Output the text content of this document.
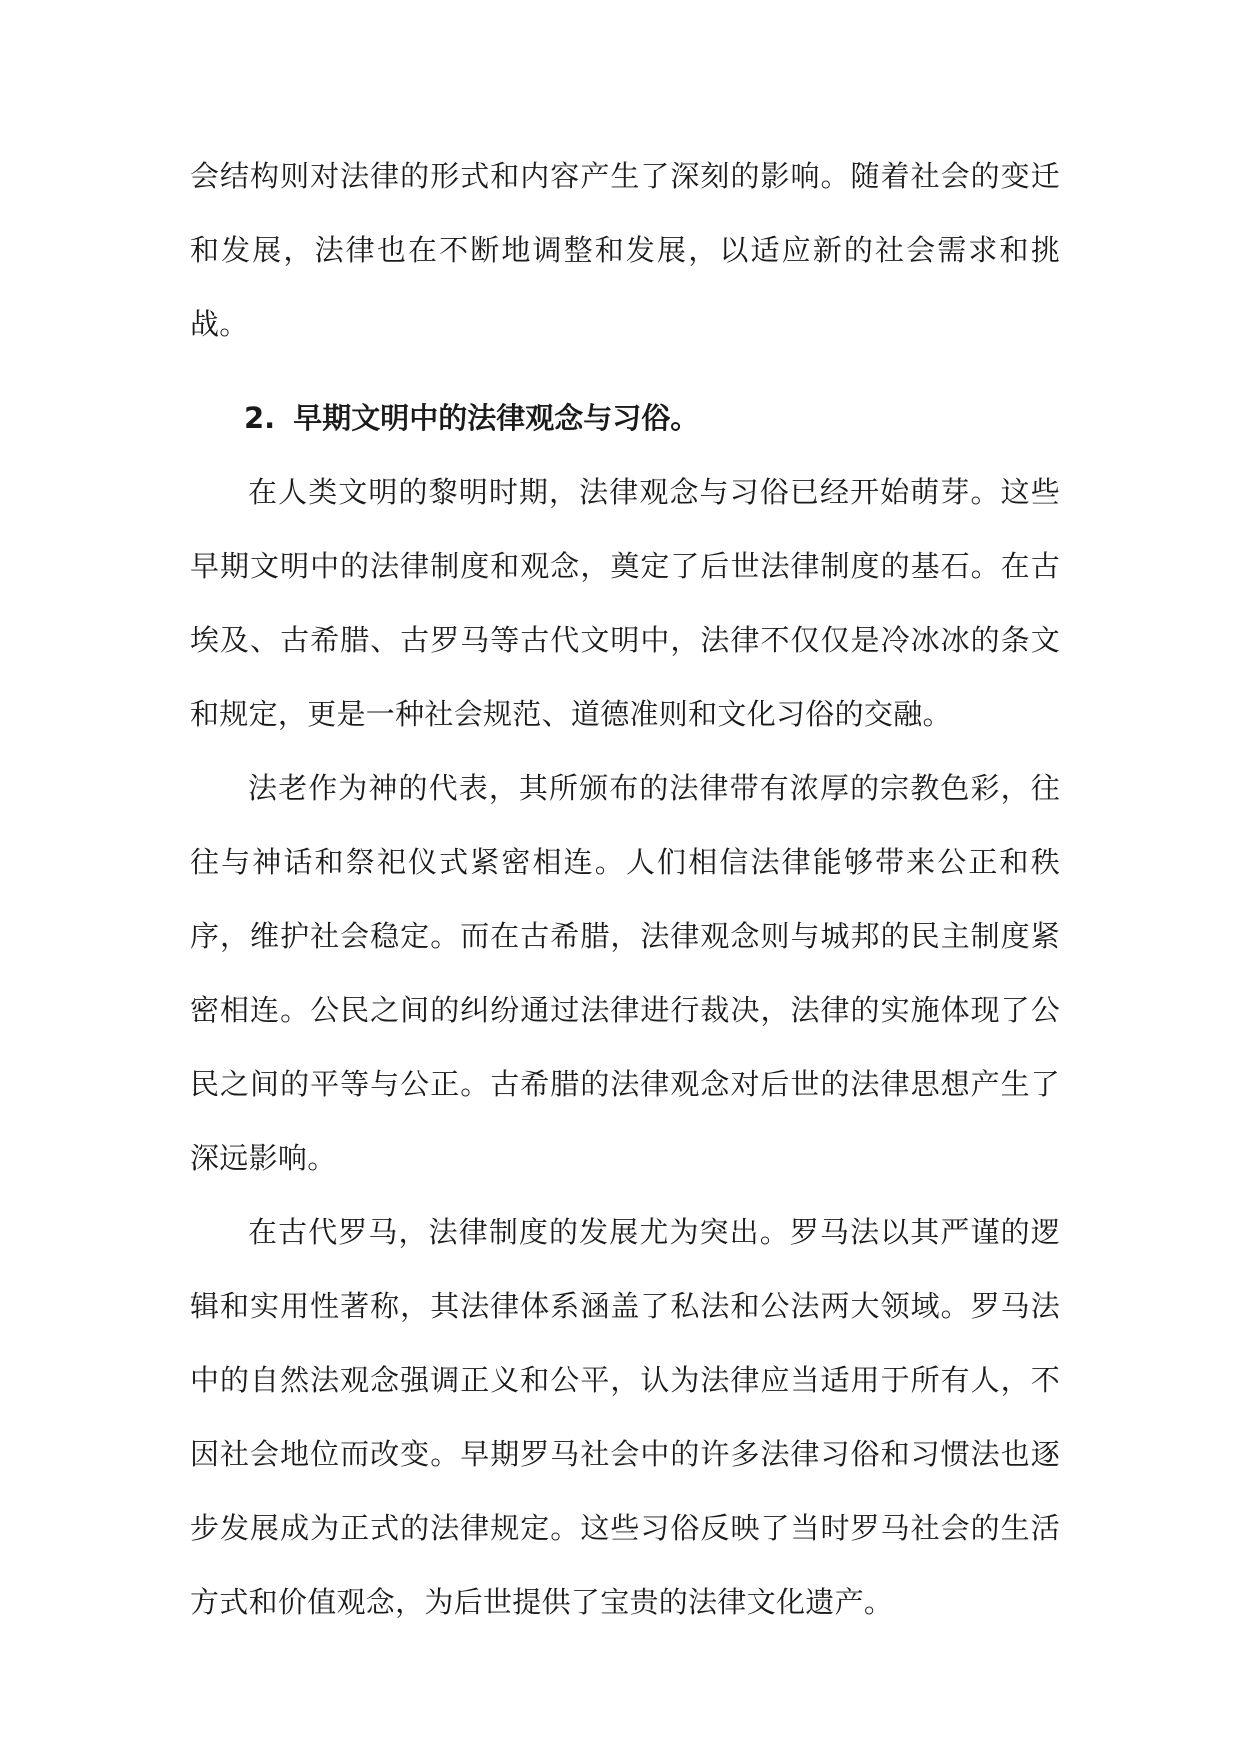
会结构则对法律的形式和内容产生了深刻的影响。随着社会的变迁和发展，法律也在不断地调整和发展，以适应新的社会需求和挑战。

2. 早期文明中的法律观念与习俗。

在人类文明的黎明时期，法律观念与习俗已经开始萌芽。这些早期文明中的法律制度和观念，奠定了后世法律制度的基石。在古埃及、古希腊、古罗马等古代文明中，法律不仅仅是冷冰冰的条文和规定，更是一种社会规范、道德准则和文化习俗的交融。

法老作为神的代表，其所颁布的法律带有浓厚的宗教色彩，往往与神话和祭祀仪式紧密相连。人们相信法律能够带来公正和秩序，维护社会稳定。而在古希腊，法律观念则与城邦的民主制度紧密相连。公民之间的纠纷通过法律进行裁决，法律的实施体现了公民之间的平等与公正。古希腊的法律观念对后世的法律思想产生了深远影响。

在古代罗马，法律制度的发展尤为突出。罗马法以其严谨的逻辑和实用性著称，其法律体系涵盖了私法和公法两大领域。罗马法中的自然法观念强调正义和公平，认为法律应当适用于所有人，不因社会地位而改变。早期罗马社会中的许多法律习俗和习惯法也逐步发展成为正式的法律规定。这些习俗反映了当时罗马社会的生活方式和价值观念，为后世提供了宝贵的法律文化遗产。
